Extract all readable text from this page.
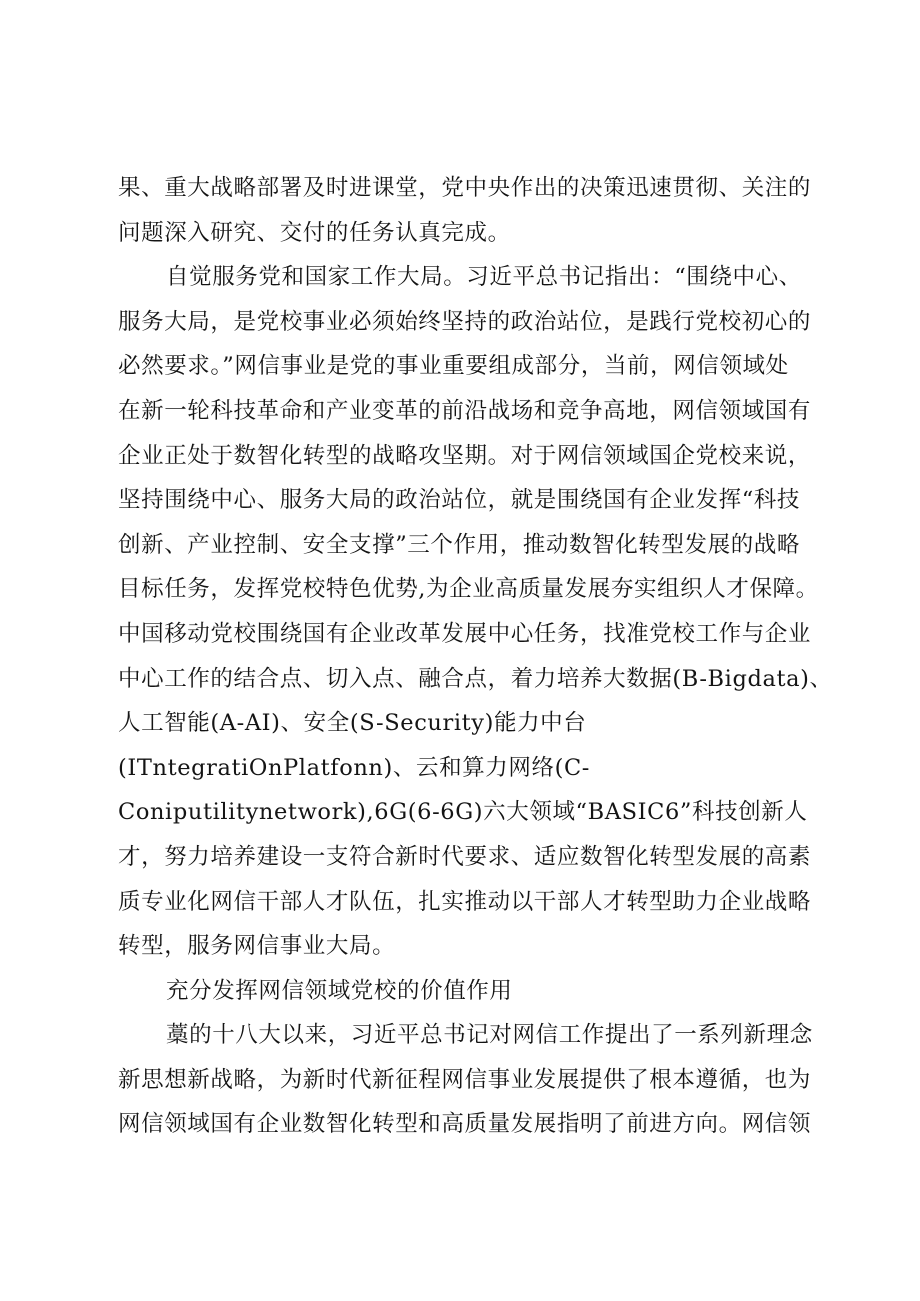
果、重大战略部署及时进课堂，党中央作出的决策迅速贯彻、关注的
问题深入研究、交付的任务认真完成。
自觉服务党和国家工作大局。习近平总书记指出：“围绕中心、
服务大局，是党校事业必须始终坚持的政治站位，是践行党校初心的
必然要求。”网信事业是党的事业重要组成部分，当前，网信领域处
在新一轮科技革命和产业变革的前沿战场和竞争高地，网信领域国有
企业正处于数智化转型的战略攻坚期。对于网信领域国企党校来说，
坚持围绕中心、服务大局的政治站位，就是围绕国有企业发挥“科技
创新、产业控制、安全支撑”三个作用，推动数智化转型发展的战略
目标任务，发挥党校特色优势,为企业高质量发展夯实组织人才保障。
中国移动党校围绕国有企业改革发展中心任务，找准党校工作与企业
中心工作的结合点、切入点、融合点，着力培养大数据(B-Bigdata)、
人工智能(A-AI)、安全(S-Security)能力中台
(ITntegratiOnPlatfonn)、云和算力网络(C-
Coniputilitynetwork),6G(6-6G)六大领域“BASIC6”科技创新人
才，努力培养建设一支符合新时代要求、适应数智化转型发展的高素
质专业化网信干部人才队伍，扎实推动以干部人才转型助力企业战略
转型，服务网信事业大局。
充分发挥网信领域党校的价值作用
藁的十八大以来，习近平总书记对网信工作提出了一系列新理念
新思想新战略，为新时代新征程网信事业发展提供了根本遵循，也为
网信领域国有企业数智化转型和高质量发展指明了前进方向。网信领
